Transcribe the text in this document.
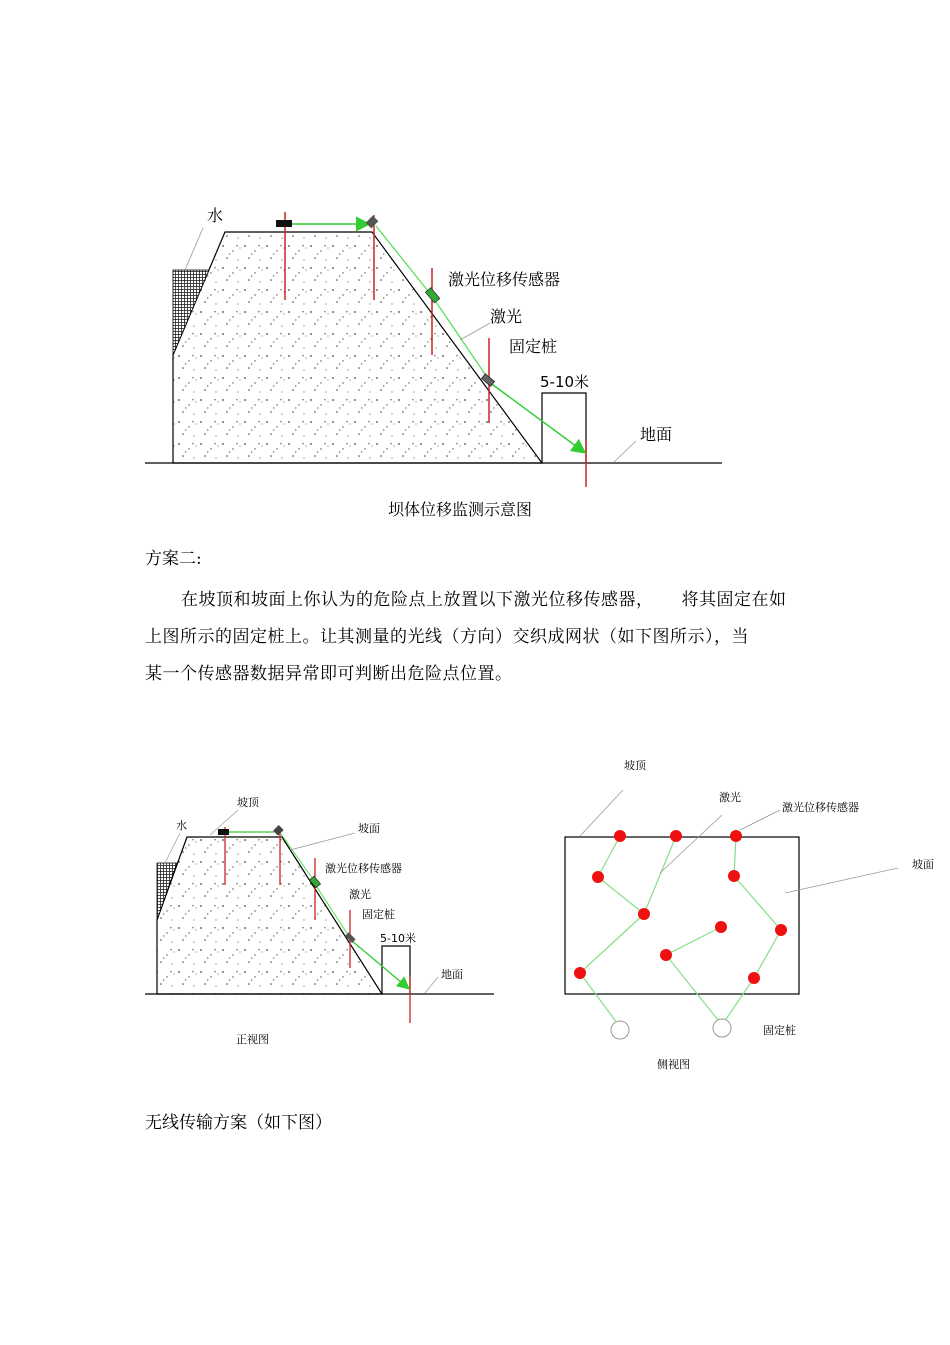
水
激光位移传感器
激光
固定桩
5-10米
地面
坝体位移监测示意图
水
坡顶
坡面
激光位移传感器
激光
固定桩
5-10米
地面
正视图
坡顶
激光
激光位移传感器
坡面
固定桩
侧视图
方案二:
在坡顶和坡面上你认为的危险点上放置以下激光位移传感器， 将其固定在如
上图所示的固定桩上。让其测量的光线（方向）交织成网状（如下图所示），当
某一个传感器数据异常即可判断出危险点位置。
无线传输方案（如下图）
